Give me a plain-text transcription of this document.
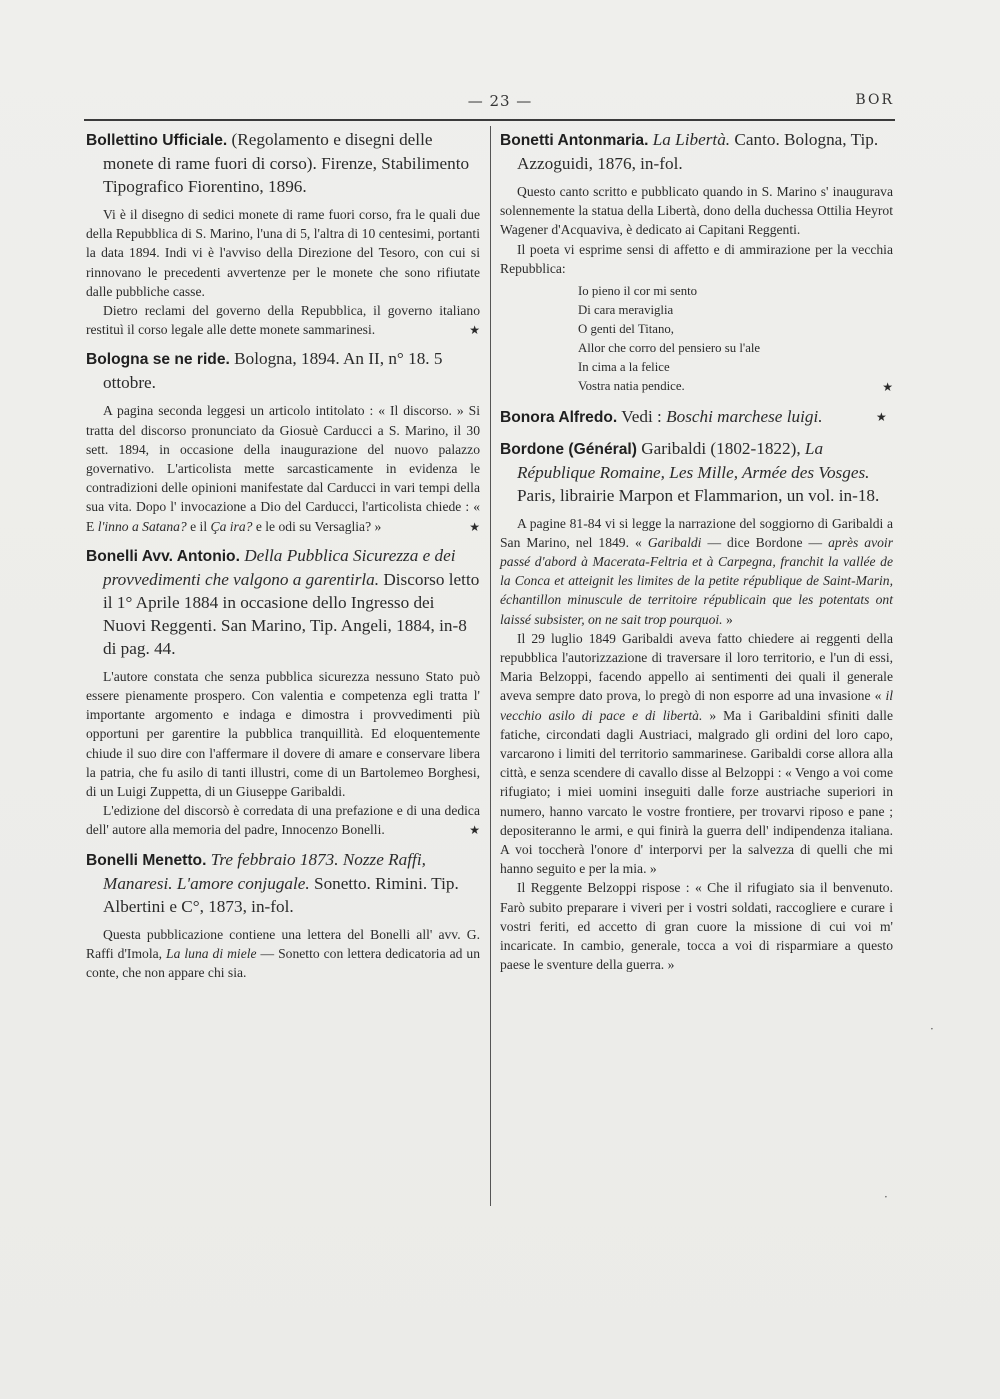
— 23 —	BOR

Bollettino Ufficiale. (Regolamento e disegni delle monete di rame fuori di corso). Firenze, Stabilimento Tipografico Fiorentino, 1896.

Vi è il disegno di sedici monete di rame fuori corso, fra le quali due della Repubblica di S. Marino, l'una di 5, l'altra di 10 centesimi, portanti la data 1894. Indi vi è l'avviso della Direzione del Tesoro, con cui si rinnovano le precedenti avvertenze per le monete che sono rifiutate dalle pubbliche casse.

Dietro reclami del governo della Repubblica, il governo italiano restituì il corso legale alle dette monete sammarinesi.	★

Bologna se ne ride. Bologna, 1894. An II, n° 18. 5 ottobre.

A pagina seconda leggesi un articolo intitolato : « Il discorso. » Si tratta del discorso pronunciato da Giosuè Carducci a S. Marino, il 30 sett. 1894, in occasione della inaugurazione del nuovo palazzo governativo. L'articolista mette sarcasticamente in evidenza le contradizioni delle opinioni manifestate dal Carducci in vari tempi della sua vita. Dopo l' invocazione a Dio del Carducci, l'articolista chiede : « E l'inno a Satana? e il Ça ira? e le odi su Versaglia? »	★

Bonelli Avv. Antonio. Della Pubblica Sicurezza e dei provvedimenti che valgono a garentirla. Discorso letto il 1° Aprile 1884 in occasione dello Ingresso dei Nuovi Reggenti. San Marino, Tip. Angeli, 1884, in-8 di pag. 44.

L'autore constata che senza pubblica sicurezza nessuno Stato può essere pienamente prospero. Con valentia e competenza egli tratta l' importante argomento e indaga e dimostra i provvedimenti più opportuni per garentire la pubblica tranquillità. Ed eloquentemente chiude il suo dire con l'affermare il dovere di amare e conservare libera la patria, che fu asilo di tanti illustri, come di un Bartolemeo Borghesi, di un Luigi Zuppetta, di un Giuseppe Garibaldi.

L'edizione del discorsò è corredata di una prefazione e di una dedica dell' autore alla memoria del padre, Innocenzo Bonelli.	★

Bonelli Menetto. Tre febbraio 1873. Nozze Raffi, Manaresi. L'amore conjugale. Sonetto. Rimini. Tip. Albertini e C°, 1873, in-fol.

Questa pubblicazione contiene una lettera del Bonelli all' avv. G. Raffi d'Imola, La luna di miele — Sonetto con lettera dedicatoria ad un conte, che non appare chi sia.

Bonetti Antonmaria. La Libertà. Canto. Bologna, Tip. Azzoguidi, 1876, in-fol.

Questo canto scritto e pubblicato quando in S. Marino s' inaugurava solennemente la statua della Libertà, dono della duchessa Ottilia Heyrot Wagener d'Acquaviva, è dedicato ai Capitani Reggenti.

Il poeta vi esprime sensi di affetto e di ammirazione per la vecchia Repubblica:

Io pieno il cor mi sento
Di cara meraviglia
O genti del Titano,
Allor che corro del pensiero su l'ale
In cima a la felice
Vostra natia pendice.	★

Bonora Alfredo. Vedi : Boschi marchese luigi.	★

Bordone (Général) Garibaldi (1802-1822), La République Romaine, Les Mille, Armée des Vosges. Paris, librairie Marpon et Flammarion, un vol. in-18.

A pagine 81-84 vi si legge la narrazione del soggiorno di Garibaldi a San Marino, nel 1849. « Garibaldi — dice Bordone — après avoir passé d'abord à Macerata-Feltria et à Carpegna, franchit la vallée de la Conca et atteignit les limites de la petite république de Saint-Marin, échantillon minuscule de territoire républicain que les potentats ont laissé subsister, on ne sait trop pourquoi. »

Il 29 luglio 1849 Garibaldi aveva fatto chiedere ai reggenti della repubblica l'autorizzazione di traversare il loro territorio, e l'un di essi, Maria Belzoppi, facendo appello ai sentimenti dei quali il generale aveva sempre dato prova, lo pregò di non esporre ad una invasione « il vecchio asilo di pace e di libertà. » Ma i Garibaldini sfiniti dalle fatiche, circondati dagli Austriaci, malgrado gli ordini del loro capo, varcarono i limiti del territorio sammarinese. Garibaldi corse allora alla città, e senza scendere di cavallo disse al Belzoppi : « Vengo a voi come rifugiato; i miei uomini inseguiti dalle forze austriache superiori in numero, hanno varcato le vostre frontiere, per trovarvi riposo e pane ; depositeranno le armi, e qui finirà la guerra dell' indipendenza italiana. A voi toccherà l'onore d' interporvi per la salvezza di quelli che mi hanno seguito e per la mia. »

Il Reggente Belzoppi rispose : « Che il rifugiato sia il benvenuto. Farò subito preparare i viveri per i vostri soldati, raccogliere e curare i vostri feriti, ed accetto di gran cuore la missione di cui voi m' incaricate. In cambio, generale, tocca a voi di risparmiare a questo paese le sventure della guerra. »

·
·
